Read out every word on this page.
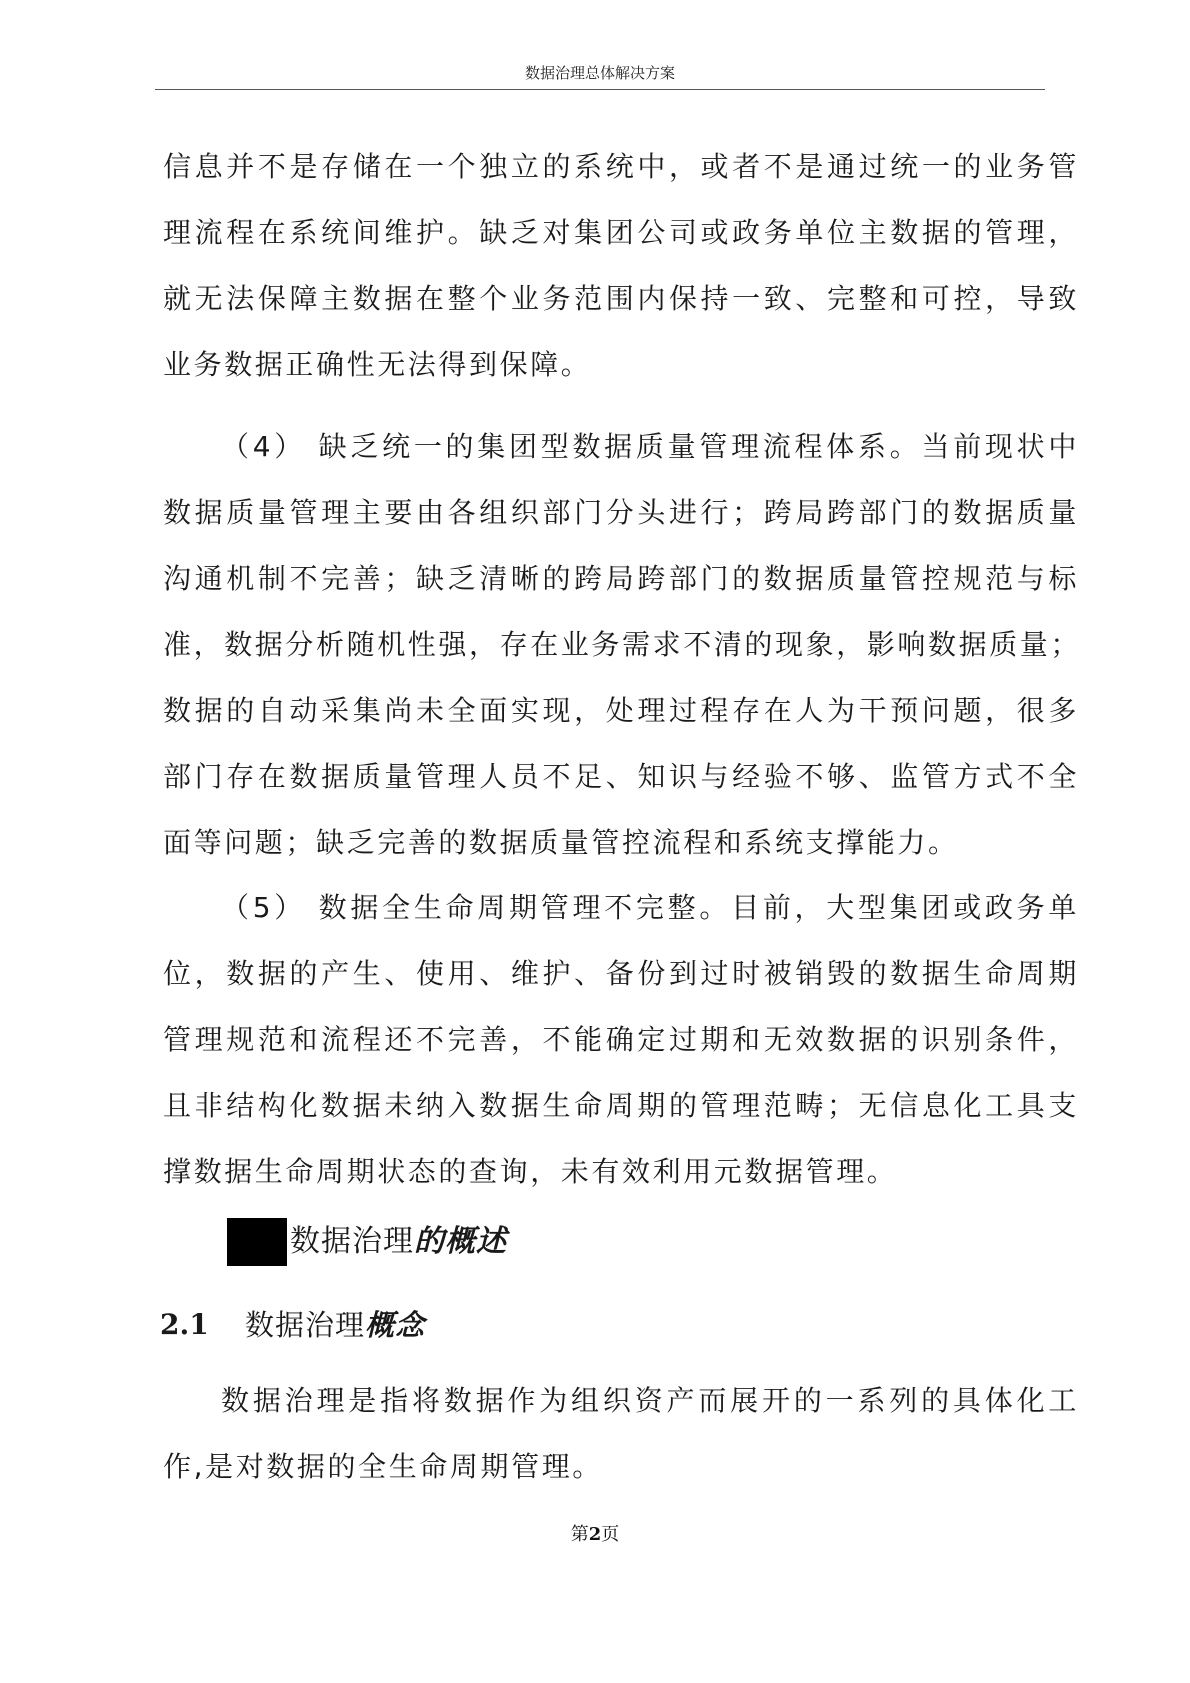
数据治理总体解决方案
信息并不是存储在一个独立的系统中，或者不是通过统一的业务管
理流程在系统间维护。缺乏对集团公司或政务单位主数据的管理，
就无法保障主数据在整个业务范围内保持一致、完整和可控，导致
业务数据正确性无法得到保障。
（4） 缺乏统一的集团型数据质量管理流程体系。当前现状中
数据质量管理主要由各组织部门分头进行；跨局跨部门的数据质量
沟通机制不完善；缺乏清晰的跨局跨部门的数据质量管控规范与标
准，数据分析随机性强，存在业务需求不清的现象，影响数据质量；
数据的自动采集尚未全面实现，处理过程存在人为干预问题，很多
部门存在数据质量管理人员不足、知识与经验不够、监管方式不全
面等问题；缺乏完善的数据质量管控流程和系统支撑能力。
（5） 数据全生命周期管理不完整。目前，大型集团或政务单
位，数据的产生、使用、维护、备份到过时被销毁的数据生命周期
管理规范和流程还不完善，不能确定过期和无效数据的识别条件，
且非结构化数据未纳入数据生命周期的管理范畴；无信息化工具支
撑数据生命周期状态的查询，未有效利用元数据管理。
数据治理的概述
2.1 数据治理概念
数据治理是指将数据作为组织资产而展开的一系列的具体化工
作,是对数据的全生命周期管理。
第2页
